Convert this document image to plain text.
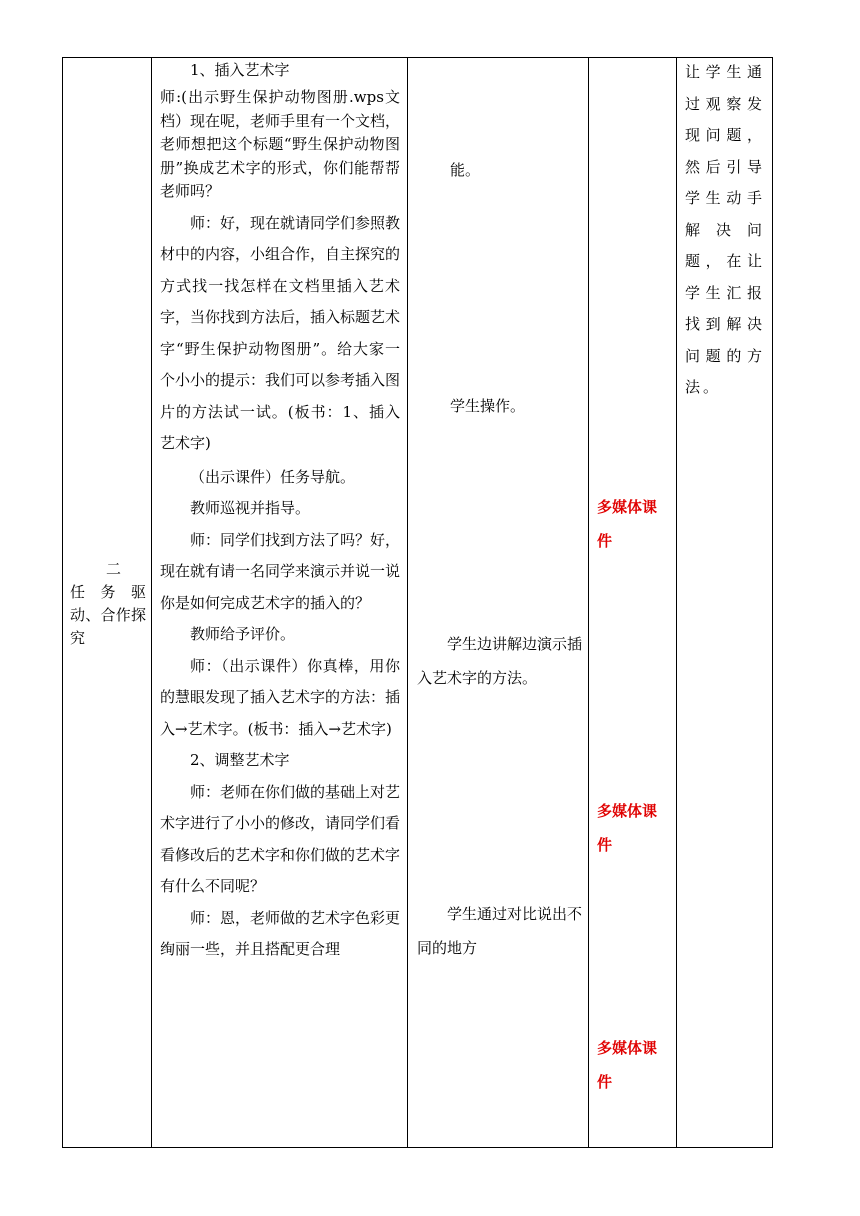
二
任 务 驱动、合作探究

1、插入艺术字

师:(出示野生保护动物图册.wps文档）现在呢，老师手里有一个文档，老师想把这个标题“野生保护动物图册”换成艺术字的形式，你们能帮帮老师吗？

师：好，现在就请同学们参照教材中的内容，小组合作，自主探究的方式找一找怎样在文档里插入艺术字，当你找到方法后，插入标题艺术字“野生保护动物图册”。给大家一个小小的提示：我们可以参考插入图片的方法试一试。(板书：1、插入艺术字)

（出示课件）任务导航。

教师巡视并指导。

师：同学们找到方法了吗？好，现在就有请一名同学来演示并说一说你是如何完成艺术字的插入的？

教师给予评价。

师：（出示课件）你真棒，用你的慧眼发现了插入艺术字的方法：插入→艺术字。(板书：插入→艺术字)

2、调整艺术字

师：老师在你们做的基础上对艺术字进行了小小的修改，请同学们看看修改后的艺术字和你们做的艺术字有什么不同呢？

师：恩，老师做的艺术字色彩更绚丽一些，并且搭配更合理

能。
学生操作。
学生边讲解边演示插入艺术字的方法。
学生通过对比说出不同的地方
多媒体课件
多媒体课件
多媒体课件
让学生通过观察发现问题，然后引导学生动手解决问题，在让学生汇报找到解决问题的方法。
